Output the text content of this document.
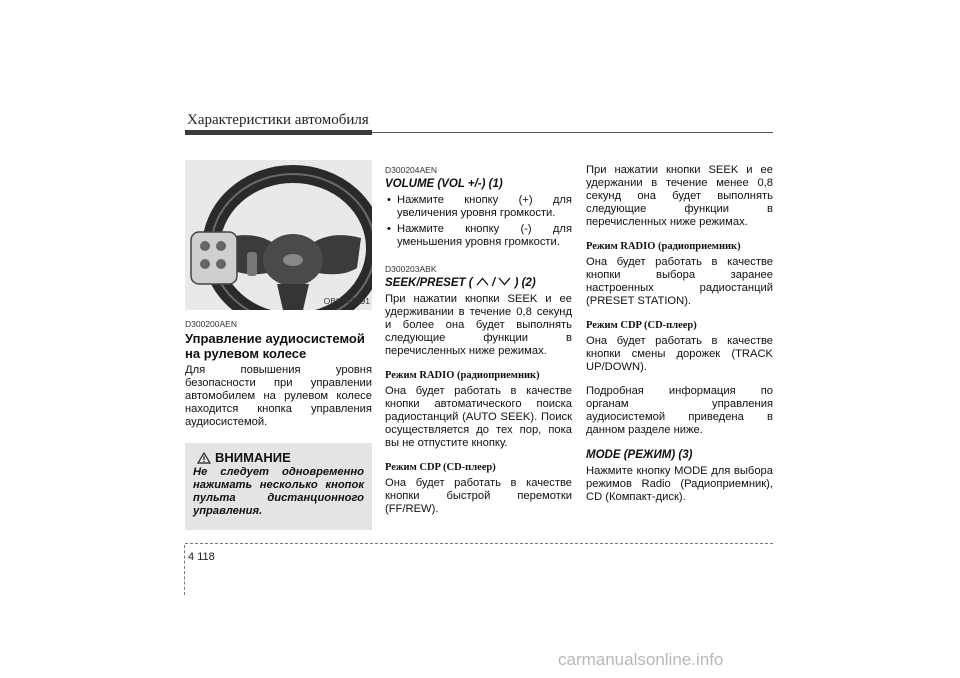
Характеристики автомобиля
OBK049091

D300200AEN

Управление аудиосистемой на рулевом колесе

Для повышения уровня безопасности при управлении автомобилем на рулевом колесе находится кнопка управления аудиосистемой.

ВНИМАНИЕ
Не следует одновременно нажимать несколько кнопок пульта дистанционного управления.

D300204AEN

VOLUME (VOL +/-) (1)
• Нажмите кнопку (+) для увеличения уровня громкости.
• Нажмите кнопку (-) для уменьшения уровня громкости.

D300203ABK

SEEK/PRESET ( / ) (2)

При нажатии кнопки SEEK и ее удерживании в течение 0,8 секунд и более она будет выполнять следующие функции в перечисленных ниже режимах.

Режим RADIO (радиоприемник)

Она будет работать в качестве кнопки автоматического поиска радиостанций (AUTO SEEK). Поиск осуществляется до тех пор, пока вы не отпустите кнопку.

Режим CDP (CD-плеер)

Она будет работать в качестве кнопки быстрой перемотки (FF/REW).

При нажатии кнопки SEEK и ее удержании в течение менее 0,8 секунд она будет выполнять следующие функции в перечисленных ниже режимах.

Режим RADIO (радиоприемник)

Она будет работать в качестве кнопки выбора заранее настроенных радиостанций (PRESET STATION).

Режим CDP (CD-плеер)

Она будет работать в качестве кнопки смены дорожек (TRACK UP/DOWN).

Подробная информация по органам управления аудиосистемой приведена в данном разделе ниже.

MODE (РЕЖИМ) (3)

Нажмите кнопку MODE для выбора режимов Radio (Радиоприемник), CD (Компакт-диск).

4 118
carmanualsonline.info
